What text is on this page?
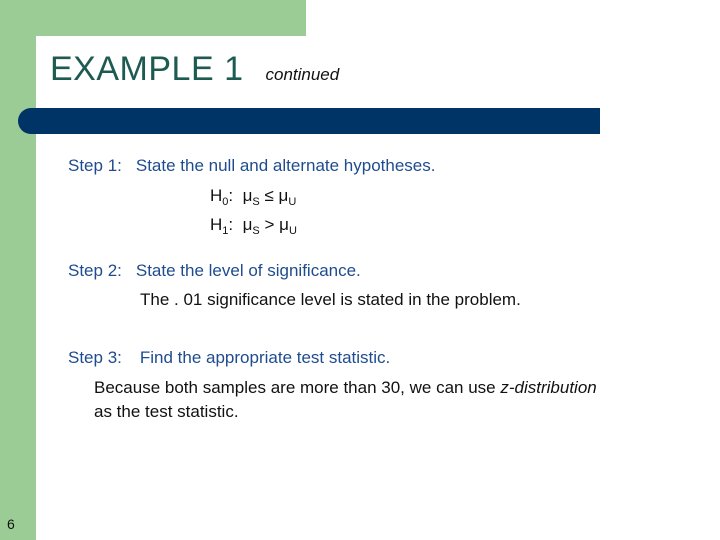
EXAMPLE 1 continued
Step 1: State the null and alternate hypotheses.
$H_0$: $\mu_S \le \mu_U$
$H_1$: $\mu_S > \mu_U$
Step 2: State the level of significance.
The . 01 significance level is stated in the problem.
Step 3: Find the appropriate test statistic.
Because both samples are more than 30, we can use z-distribution
as the test statistic.
6
